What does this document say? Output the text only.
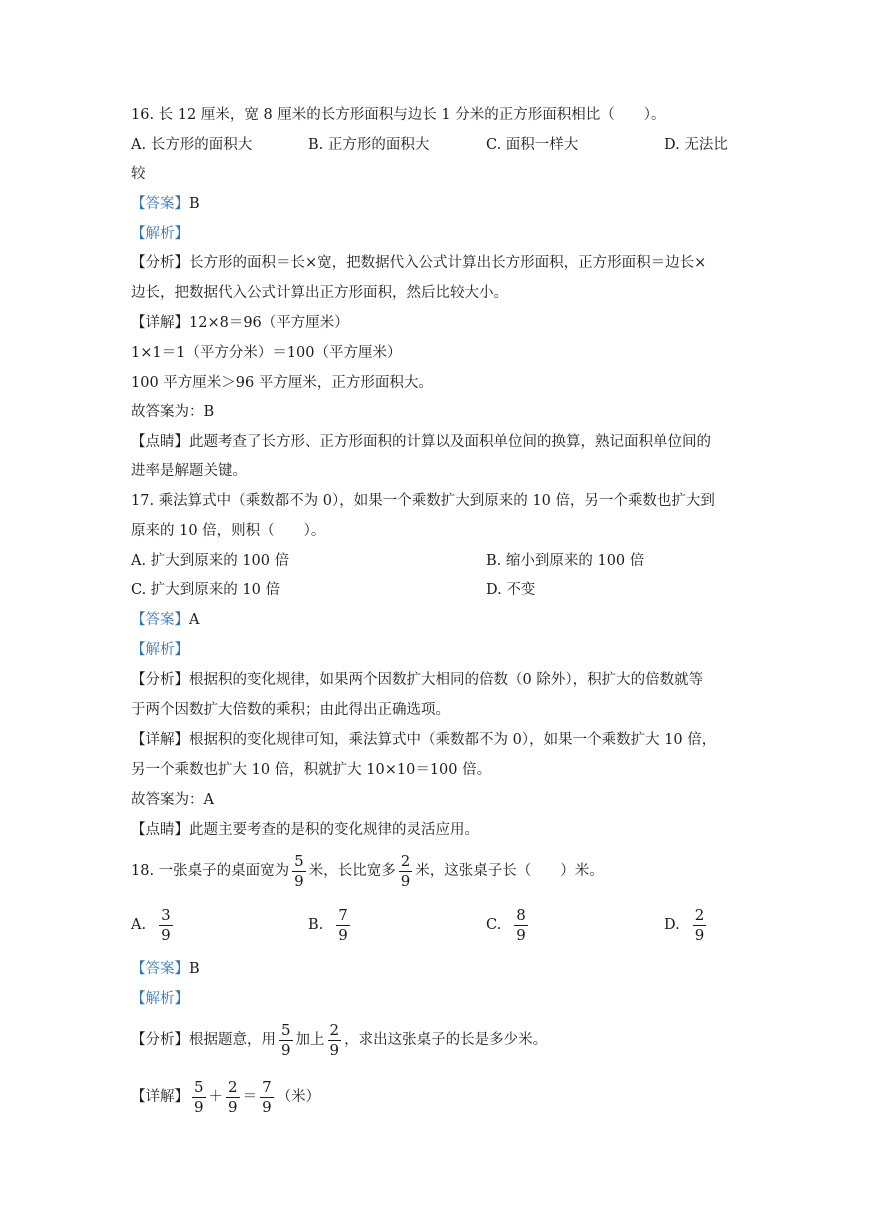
16. 长 12 厘米，宽 8 厘米的长方形面积与边长 1 分米的正方形面积相比（　　）。
A. 长方形的面积大	B. 正方形的面积大	C. 面积一样大	D. 无法比
较
【答案】B
【解析】
【分析】长方形的面积＝长×宽，把数据代入公式计算出长方形面积，正方形面积＝边长×
边长，把数据代入公式计算出正方形面积，然后比较大小。
【详解】12×8＝96（平方厘米）
1×1＝1（平方分米）＝100（平方厘米）
100 平方厘米＞96 平方厘米，正方形面积大。
故答案为：B
【点睛】此题考查了长方形、正方形面积的计算以及面积单位间的换算，熟记面积单位间的
进率是解题关键。
17. 乘法算式中（乘数都不为 0），如果一个乘数扩大到原来的 10 倍，另一个乘数也扩大到
原来的 10 倍，则积（　　）。
A. 扩大到原来的 100 倍	B. 缩小到原来的 100 倍
C. 扩大到原来的 10 倍	D. 不变
【答案】A
【解析】
【分析】根据积的变化规律，如果两个因数扩大相同的倍数（0 除外），积扩大的倍数就等
于两个因数扩大倍数的乘积；由此得出正确选项。
【详解】根据积的变化规律可知，乘法算式中（乘数都不为 0），如果一个乘数扩大 10 倍，
另一个乘数也扩大 10 倍，积就扩大 10×10＝100 倍。
故答案为：A
【点睛】此题主要考查的是积的变化规律的灵活应用。
18. 一张桌子的桌面宽为 $\frac{5}{9}$ 米，长比宽多 $\frac{2}{9}$ 米，这张桌子长（　　）米。
A. $\frac{3}{9}$	B. $\frac{7}{9}$	C. $\frac{8}{9}$	D. $\frac{2}{9}$
【答案】B
【解析】
【分析】根据题意，用 $\frac{5}{9}$ 加上 $\frac{2}{9}$ ，求出这张桌子的长是多少米。
【详解】 $\frac{5}{9} + \frac{2}{9} = \frac{7}{9}$ （米）
